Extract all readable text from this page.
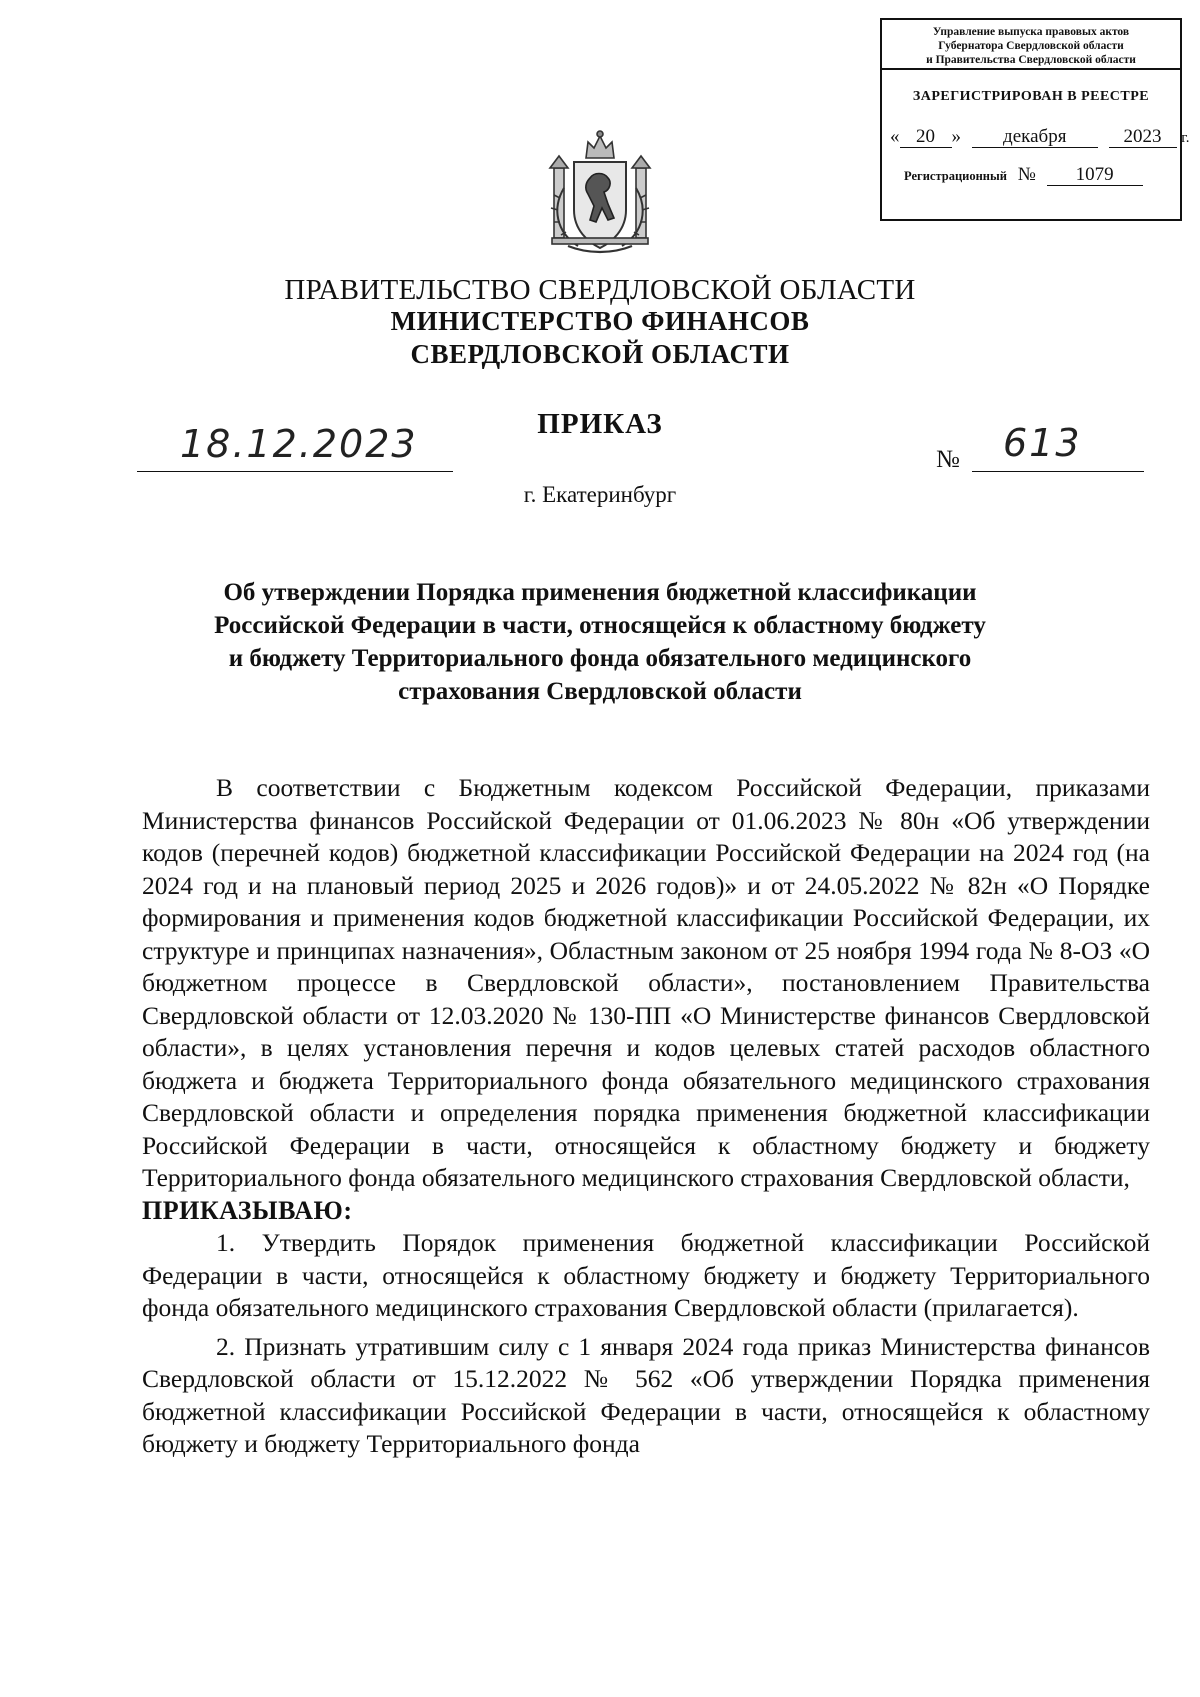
Управление выпуска правовых актов
Губернатора Свердловской области
и Правительства Свердловской области
ЗАРЕГИСТРИРОВАН В РЕЕСТРЕ
« 20 » декабря	2023 г.
Регистрационный № 1079
ПРАВИТЕЛЬСТВО СВЕРДЛОВСКОЙ ОБЛАСТИ
МИНИСТЕРСТВО ФИНАНСОВ
СВЕРДЛОВСКОЙ ОБЛАСТИ
ПРИКАЗ
18.12.2023	№ 613
г. Екатеринбург
Об утверждении Порядка применения бюджетной классификации
Российской Федерации в части, относящейся к областному бюджету
и бюджету Территориального фонда обязательного медицинского
страхования Свердловской области

В соответствии с Бюджетным кодексом Российской Федерации, приказами Министерства финансов Российской Федерации от 01.06.2023 № 80н «Об утверждении кодов (перечней кодов) бюджетной классификации Российской Федерации на 2024 год (на 2024 год и на плановый период 2025 и 2026 годов)» и от 24.05.2022 № 82н «О Порядке формирования и применения кодов бюджетной классификации Российской Федерации, их структуре и принципах назначения», Областным законом от 25 ноября 1994 года № 8-ОЗ «О бюджетном процессе в Свердловской области», постановлением Правительства Свердловской области от 12.03.2020 № 130-ПП «О Министерстве финансов Свердловской области», в целях установления перечня и кодов целевых статей расходов областного бюджета и бюджета Территориального фонда обязательного медицинского страхования Свердловской области и определения порядка применения бюджетной классификации Российской Федерации в части, относящейся к областному бюджету и бюджету Территориального фонда обязательного медицинского страхования Свердловской области,

ПРИКАЗЫВАЮ:

1. Утвердить Порядок применения бюджетной классификации Российской Федерации в части, относящейся к областному бюджету и бюджету Территориального фонда обязательного медицинского страхования Свердловской области (прилагается).

2. Признать утратившим силу с 1 января 2024 года приказ Министерства финансов Свердловской области от 15.12.2022 № 562 «Об утверждении Порядка применения бюджетной классификации Российской Федерации в части, относящейся к областному бюджету и бюджету Территориального фонда
